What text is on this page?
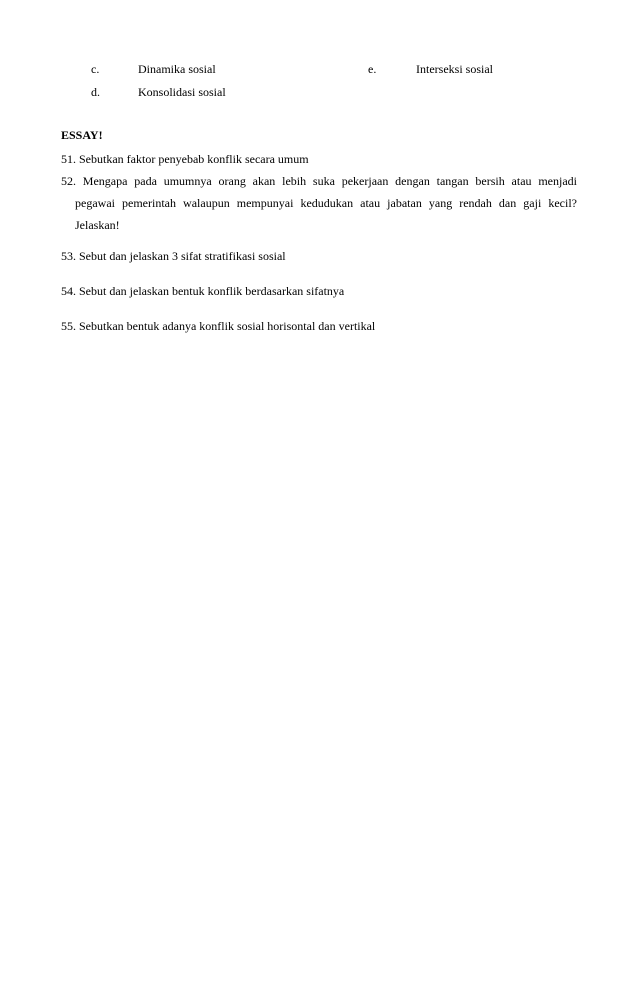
c.	Dinamika sosial	e.	Interseksi sosial
d.	Konsolidasi sosial
ESSAY!
51. Sebutkan faktor penyebab konflik secara umum
52. Mengapa pada umumnya orang akan lebih suka pekerjaan dengan tangan bersih atau menjadi
pegawai pemerintah walaupun mempunyai kedudukan atau jabatan yang rendah dan gaji kecil?
Jelaskan!
53. Sebut dan jelaskan 3 sifat stratifikasi sosial
54. Sebut dan jelaskan bentuk konflik berdasarkan sifatnya
55. Sebutkan bentuk adanya konflik sosial horisontal dan vertikal
